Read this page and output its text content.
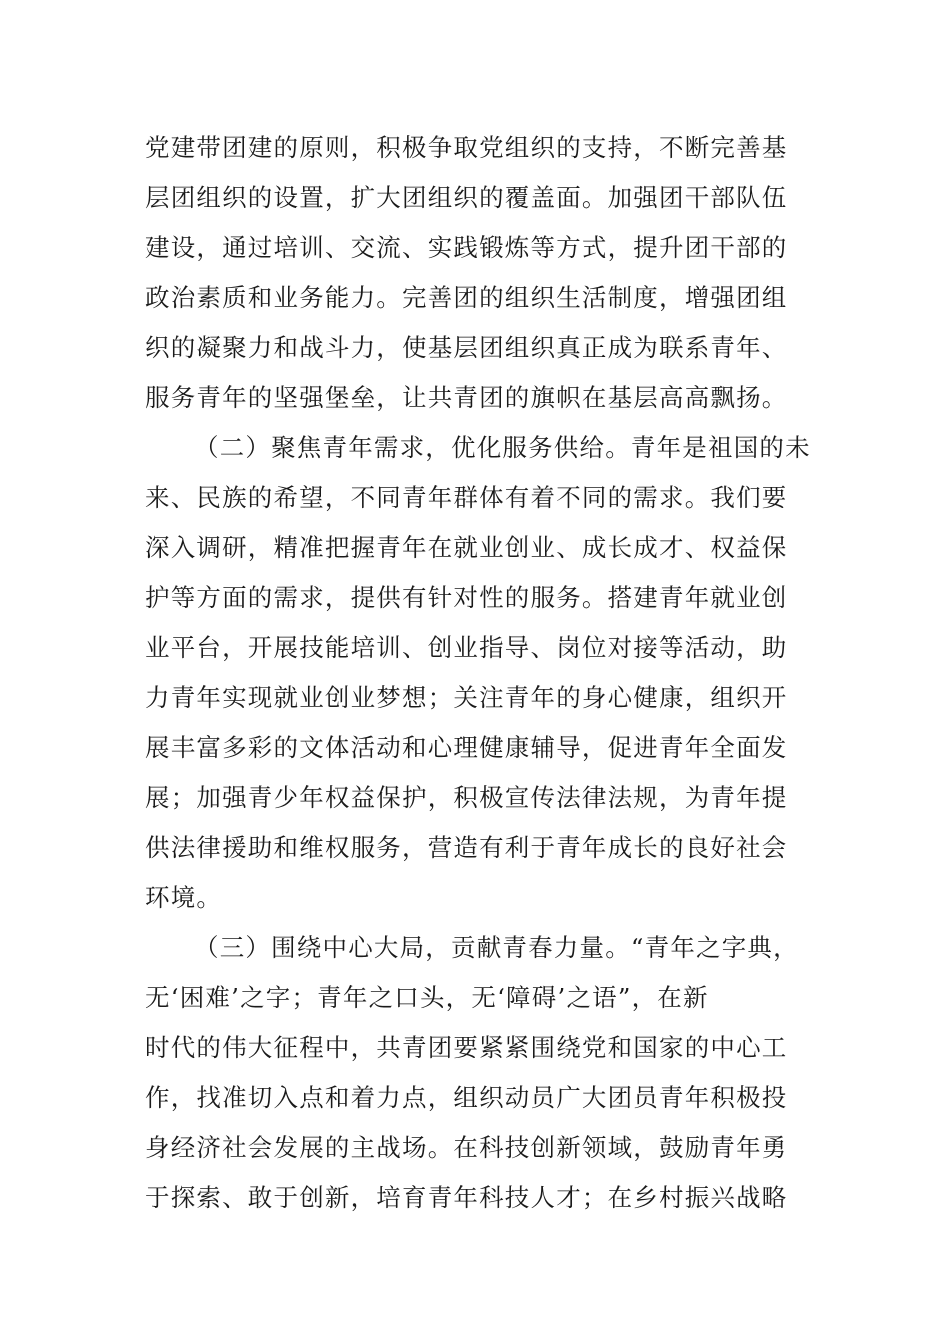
党建带团建的原则，积极争取党组织的支持，不断完善基

层团组织的设置，扩大团组织的覆盖面。加强团干部队伍

建设，通过培训、交流、实践锻炼等方式，提升团干部的

政治素质和业务能力。完善团的组织生活制度，增强团组

织的凝聚力和战斗力，使基层团组织真正成为联系青年、

服务青年的坚强堡垒，让共青团的旗帜在基层高高飘扬。

（二）聚焦青年需求，优化服务供给。青年是祖国的未

来、民族的希望，不同青年群体有着不同的需求。我们要

深入调研，精准把握青年在就业创业、成长成才、权益保

护等方面的需求，提供有针对性的服务。搭建青年就业创

业平台，开展技能培训、创业指导、岗位对接等活动，助

力青年实现就业创业梦想；关注青年的身心健康，组织开

展丰富多彩的文体活动和心理健康辅导，促进青年全面发

展；加强青少年权益保护，积极宣传法律法规，为青年提

供法律援助和维权服务，营造有利于青年成长的良好社会

环境。

（三）围绕中心大局，贡献青春力量。“青年之字典，

无‘困难’之字；青年之口头，无‘障碍’之语”，在新

时代的伟大征程中，共青团要紧紧围绕党和国家的中心工

作，找准切入点和着力点，组织动员广大团员青年积极投

身经济社会发展的主战场。在科技创新领域，鼓励青年勇

于探索、敢于创新，培育青年科技人才；在乡村振兴战略
